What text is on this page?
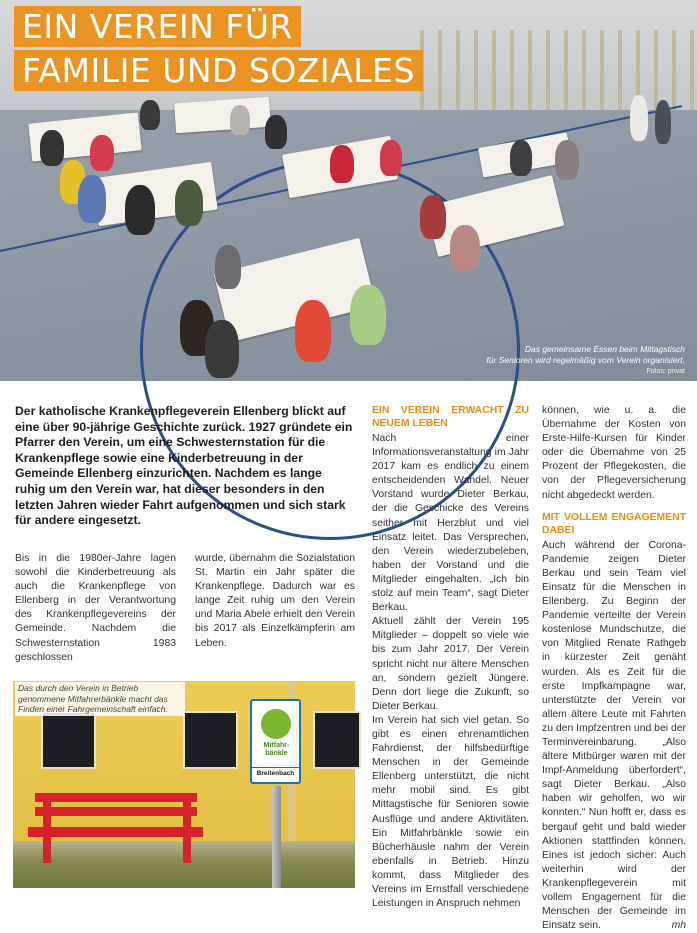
EIN VEREIN FÜR
FAMILIE UND SOZIALES
Das gemeinsame Essen beim Mittagstisch
für Senioren wird regelmäßig vom Verein organisiert.
Fotos: privat
Der katholische Krankenpflegeverein Ellenberg blickt auf eine über 90-jährige Geschichte zurück. 1927 gründete ein Pfarrer den Verein, um eine Schwesternstation für die Krankenpflege sowie eine Kinderbetreuung in der Gemeinde Ellenberg einzurichten. Nachdem es lange ruhig um den Verein war, hat dieser besonders in den letzten Jahren wieder Fahrt aufgenommen und sich stark für andere eingesetzt.

Bis in die 1980er-Jahre lagen sowohl die Kinderbetreuung als auch die Krankenpflege von Ellenberg in der Verantwortung des Krankenpflegevereins der Gemeinde. Nachdem die Schwesternstation 1983 geschlossen

wurde, übernahm die Sozialstation St. Martin ein Jahr später die Krankenpflege. Dadurch war es lange Zeit ruhig um den Verein und Maria Abele erhielt den Verein bis 2017 als Einzelkämpferin am Leben.

Mitfahr-bänkle
Breitenbach
Das durch den Verein in Betrieb genommene Mitfahrerbänkle macht das Finden einer Fahrgemeinschaft einfach.
EIN VEREIN ERWACHT ZU NEUEM LEBEN

Nach einer Informationsveranstaltung im Jahr 2017 kam es endlich zu einem entscheidenden Wandel. Neuer Vorstand wurde Dieter Berkau, der die Geschicke des Vereins seither mit Herzblut und viel Einsatz leitet. Das Versprechen, den Verein wiederzubeleben, haben der Vorstand und die Mitglieder eingehalten. „Ich bin stolz auf mein Team“, sagt Dieter Berkau.

Aktuell zählt der Verein 195 Mitglieder – doppelt so viele wie bis zum Jahr 2017. Der Verein spricht nicht nur ältere Menschen an, sondern gezielt Jüngere. Denn dort liege die Zukunft, so Dieter Berkau.

Im Verein hat sich viel getan. So gibt es einen ehrenamtlichen Fahrdienst, der hilfsbedürftige Menschen in der Gemeinde Ellenberg unterstützt, die nicht mehr mobil sind. Es gibt Mittagstische für Senioren sowie Ausflüge und andere Aktivitäten. Ein Mitfahrbänkle sowie ein Bücherhäusle nahm der Verein ebenfalls in Betrieb. Hinzu kommt, dass Mitglieder des Vereins im Ernstfall verschiedene Leistungen in Anspruch nehmen

können, wie u. a. die Übernahme der Kosten von Erste-Hilfe-Kursen für Kinder oder die Übernahme von 25 Prozent der Pflegekosten, die von der Pflegeversicherung nicht abgedeckt werden.

MIT VOLLEM ENGAGEMENT DABEI

Auch während der Corona-Pandemie zeigen Dieter Berkau und sein Team viel Einsatz für die Menschen in Ellenberg. Zu Beginn der Pandemie verteilte der Verein kostenlose Mundschutze, die von Mitglied Renate Rathgeb in kürzester Zeit genäht wurden. Als es Zeit für die erste Impfkampagne war, unterstützte der Verein vor allem ältere Leute mit Fahrten zu den Impfzentren und bei der Terminvereinbarung. „Also ältere Mitbürger waren mit der Impf-Anmeldung überfordert“, sagt Dieter Berkau. „Also haben wir geholfen, wo wir konnten.“ Nun hofft er, dass es bergauf geht und bald wieder Aktionen stattfinden können. Eines ist jedoch sicher: Auch weiterhin wird der Krankenpflegeverein mit vollem Engagement für die Menschen der Gemeinde im Einsatz sein.	mh
